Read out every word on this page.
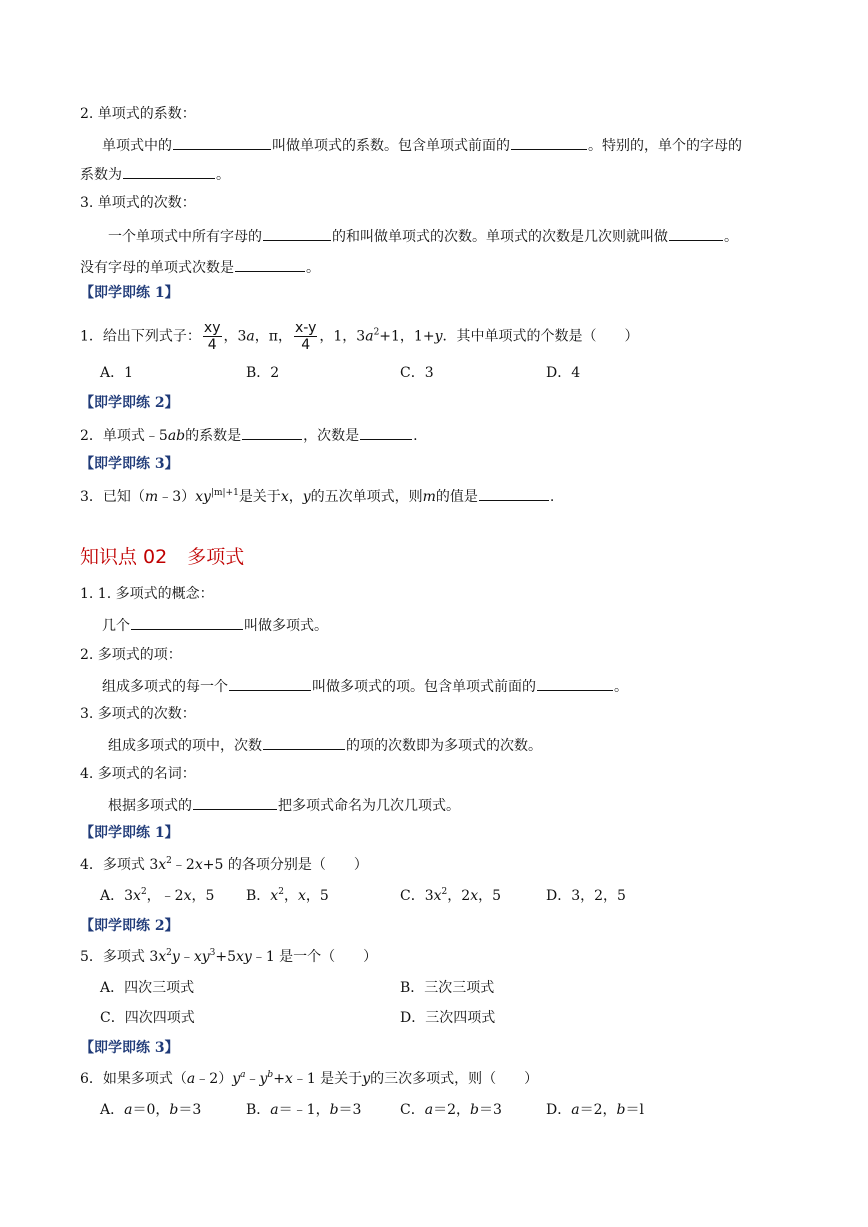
2. 单项式的系数：
单项式中的	叫做单项式的系数。包含单项式前面的	。特别的，单个的字母的
系数为	。
3. 单项式的次数：
一个单项式中所有字母的	的和叫做单项式的次数。单项式的次数是几次则就叫做	。
没有字母的单项式次数是	。
【即学即练 1】
1．给出下列式子： $\frac{xy}{4}$ ，3a，π， $\frac{x-y}{4}$ ，1，$3a^2+1$，1+y．其中单项式的个数是（　　）
A．1	B．2	C．3	D．4
【即学即练 2】
2．单项式﹣5ab的系数是	，次数是	.
【即学即练 3】
3．已知$(m﹣3)xy^{|m|+1}$是关于x，y的五次单项式，则m的值是	.
知识点 02 多项式
1. 1. 多项式的概念：
几个	叫做多项式。
2. 多项式的项：
组成多项式的每一个	叫做多项式的项。包含单项式前面的	。
3. 多项式的次数：
组成多项式的项中，次数	的项的次数即为多项式的次数。
4. 多项式的名词：
根据多项式的	把多项式命名为几次几项式。
【即学即练 1】
4．多项式 $3x^2﹣2x+5$ 的各项分别是（　　）
A．$3x^2$，﹣2x，5 B．$x^2$，x，5	C．$3x^2$，2x，5	D．3，2，5
【即学即练 2】
5．多项式 $3x^2y﹣xy^3+5xy﹣1$ 是一个（　　）
A．四次三项式	B．三次三项式
C．四次四项式	D．三次四项式
【即学即练 3】
6．如果多项式$(a﹣2)y^a﹣y^b+x﹣1$ 是关于y的三次多项式，则（　　）
A．a＝0，b＝3	B．a＝﹣1，b＝3	C．a＝2，b＝3	D．a＝2，b＝l
